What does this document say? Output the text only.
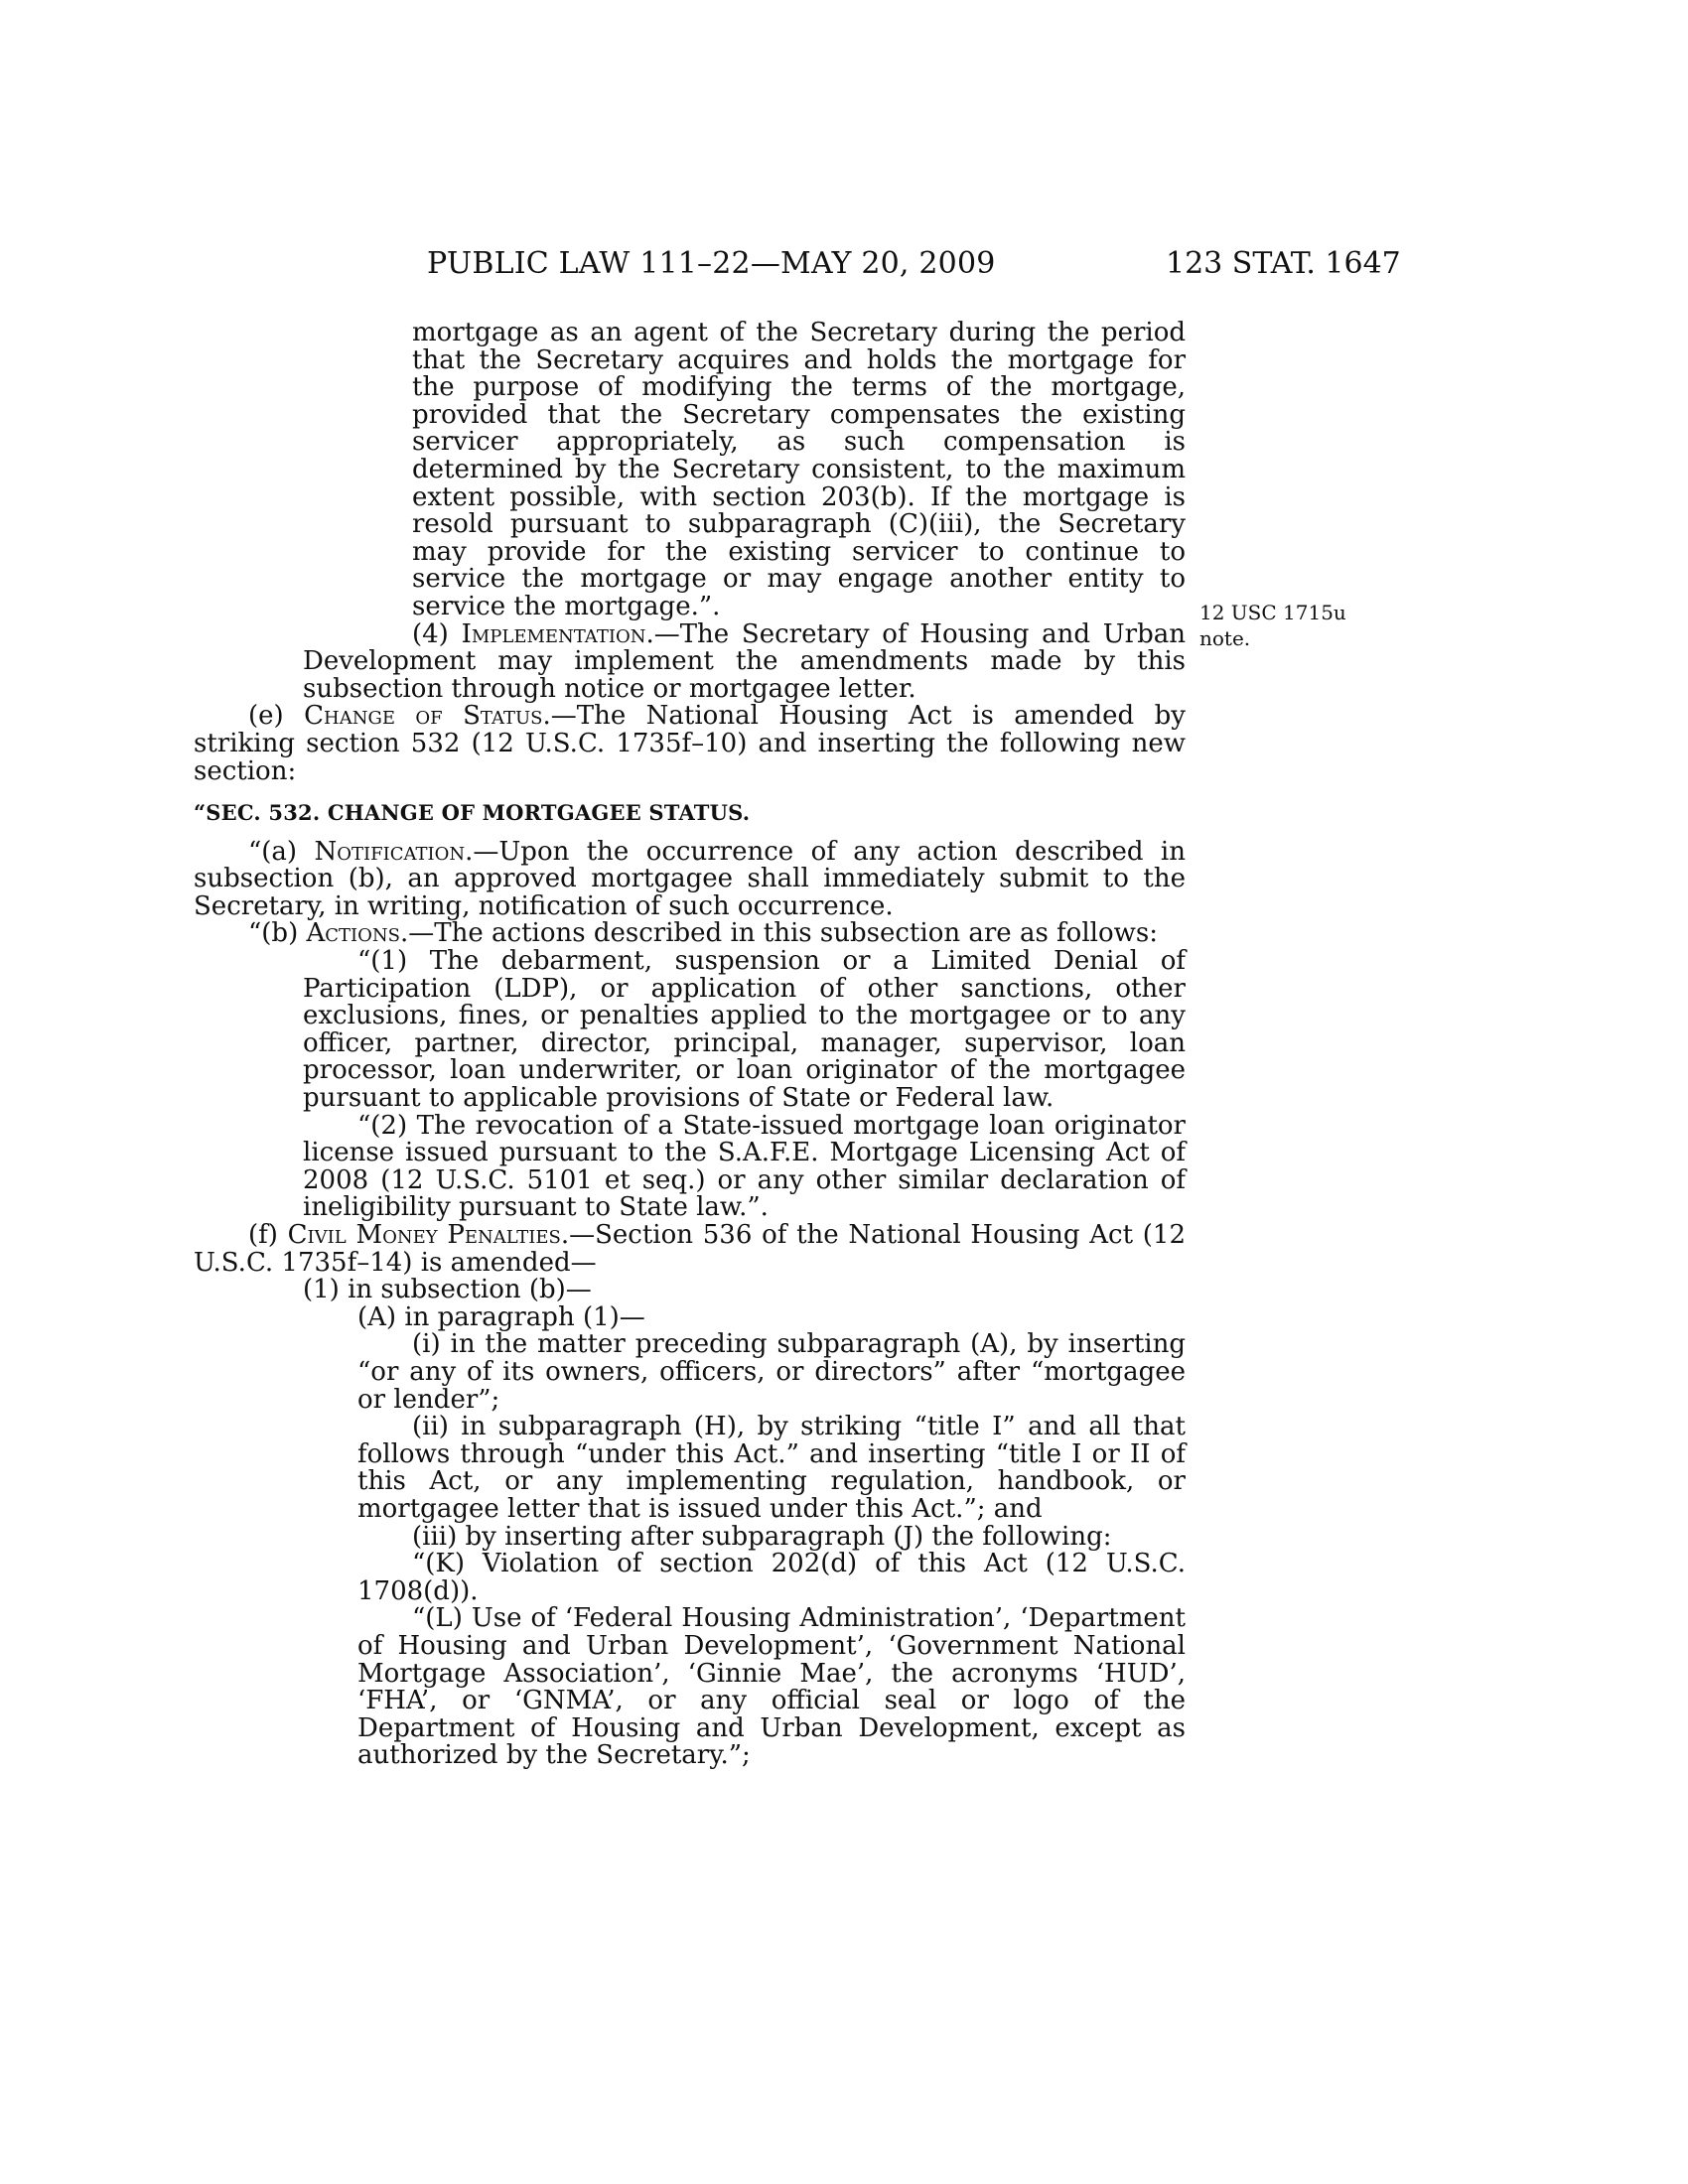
PUBLIC LAW 111–22—MAY 20, 2009	123 STAT. 1647
12 USC 1715u
note.

mortgage as an agent of the Secretary during the period that the Secretary acquires and holds the mortgage for the purpose of modifying the terms of the mortgage, provided that the Secretary compensates the existing servicer appropriately, as such compensation is determined by the Secretary consistent, to the maximum extent possible, with section 203(b). If the mortgage is resold pursuant to subparagraph (C)(iii), the Secretary may provide for the existing servicer to continue to service the mortgage or may engage another entity to service the mortgage.”.

(4) Implementation.—The Secretary of Housing and Urban Development may implement the amendments made by this subsection through notice or mortgagee letter.

(e) Change of Status.—The National Housing Act is amended by striking section 532 (12 U.S.C. 1735f–10) and inserting the following new section:

“SEC. 532. CHANGE OF MORTGAGEE STATUS.

“(a) Notification.—Upon the occurrence of any action described in subsection (b), an approved mortgagee shall immediately submit to the Secretary, in writing, notification of such occurrence.

“(b) Actions.—The actions described in this subsection are as follows:

“(1) The debarment, suspension or a Limited Denial of Participation (LDP), or application of other sanctions, other exclusions, fines, or penalties applied to the mortgagee or to any officer, partner, director, principal, manager, supervisor, loan processor, loan underwriter, or loan originator of the mortgagee pursuant to applicable provisions of State or Federal law.

“(2) The revocation of a State-issued mortgage loan originator license issued pursuant to the S.A.F.E. Mortgage Licensing Act of 2008 (12 U.S.C. 5101 et seq.) or any other similar declaration of ineligibility pursuant to State law.”.

(f) Civil Money Penalties.—Section 536 of the National Housing Act (12 U.S.C. 1735f–14) is amended—

(1) in subsection (b)—

(A) in paragraph (1)—

(i) in the matter preceding subparagraph (A), by inserting “or any of its owners, officers, or directors” after “mortgagee or lender”;

(ii) in subparagraph (H), by striking “title I” and all that follows through “under this Act.” and inserting “title I or II of this Act, or any implementing regulation, handbook, or mortgagee letter that is issued under this Act.”; and

(iii) by inserting after subparagraph (J) the following:

“(K) Violation of section 202(d) of this Act (12 U.S.C. 1708(d)).

“(L) Use of ‘Federal Housing Administration’, ‘Department of Housing and Urban Development’, ‘Government National Mortgage Association’, ‘Ginnie Mae’, the acronyms ‘HUD’, ‘FHA’, or ‘GNMA’, or any official seal or logo of the Department of Housing and Urban Development, except as authorized by the Secretary.”;
